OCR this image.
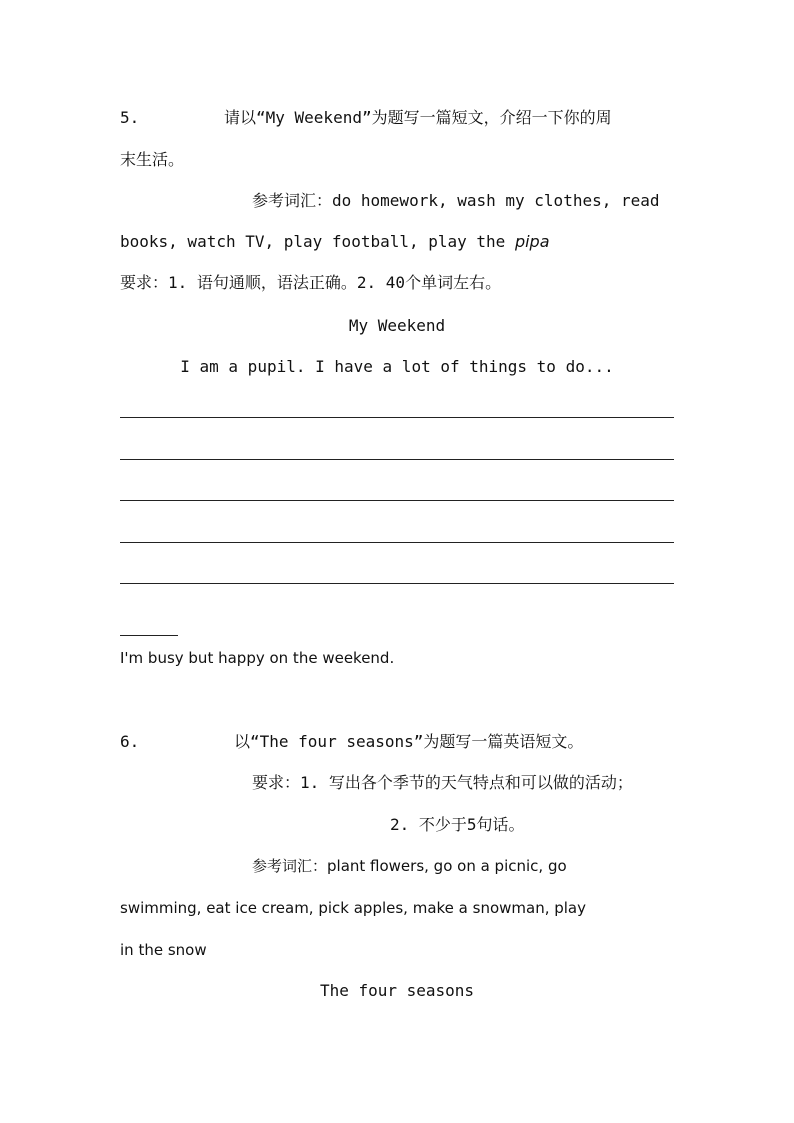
5.	请以“My Weekend”为题写一篇短文，介绍一下你的周
末生活。
参考词汇：do homework, wash my clothes, read
books, watch TV, play football, play the pipa
要求：1. 语句通顺，语法正确。2. 40个单词左右。
My Weekend
I am a pupil. I have a lot of things to do...
I'm busy but happy on the weekend.
6.	以“The four seasons”为题写一篇英语短文。
要求：1. 写出各个季节的天气特点和可以做的活动；
2. 不少于5句话。
参考词汇：plant flowers, go on a picnic, go
swimming, eat ice cream, pick apples, make a snowman, play
in the snow
The four seasons
